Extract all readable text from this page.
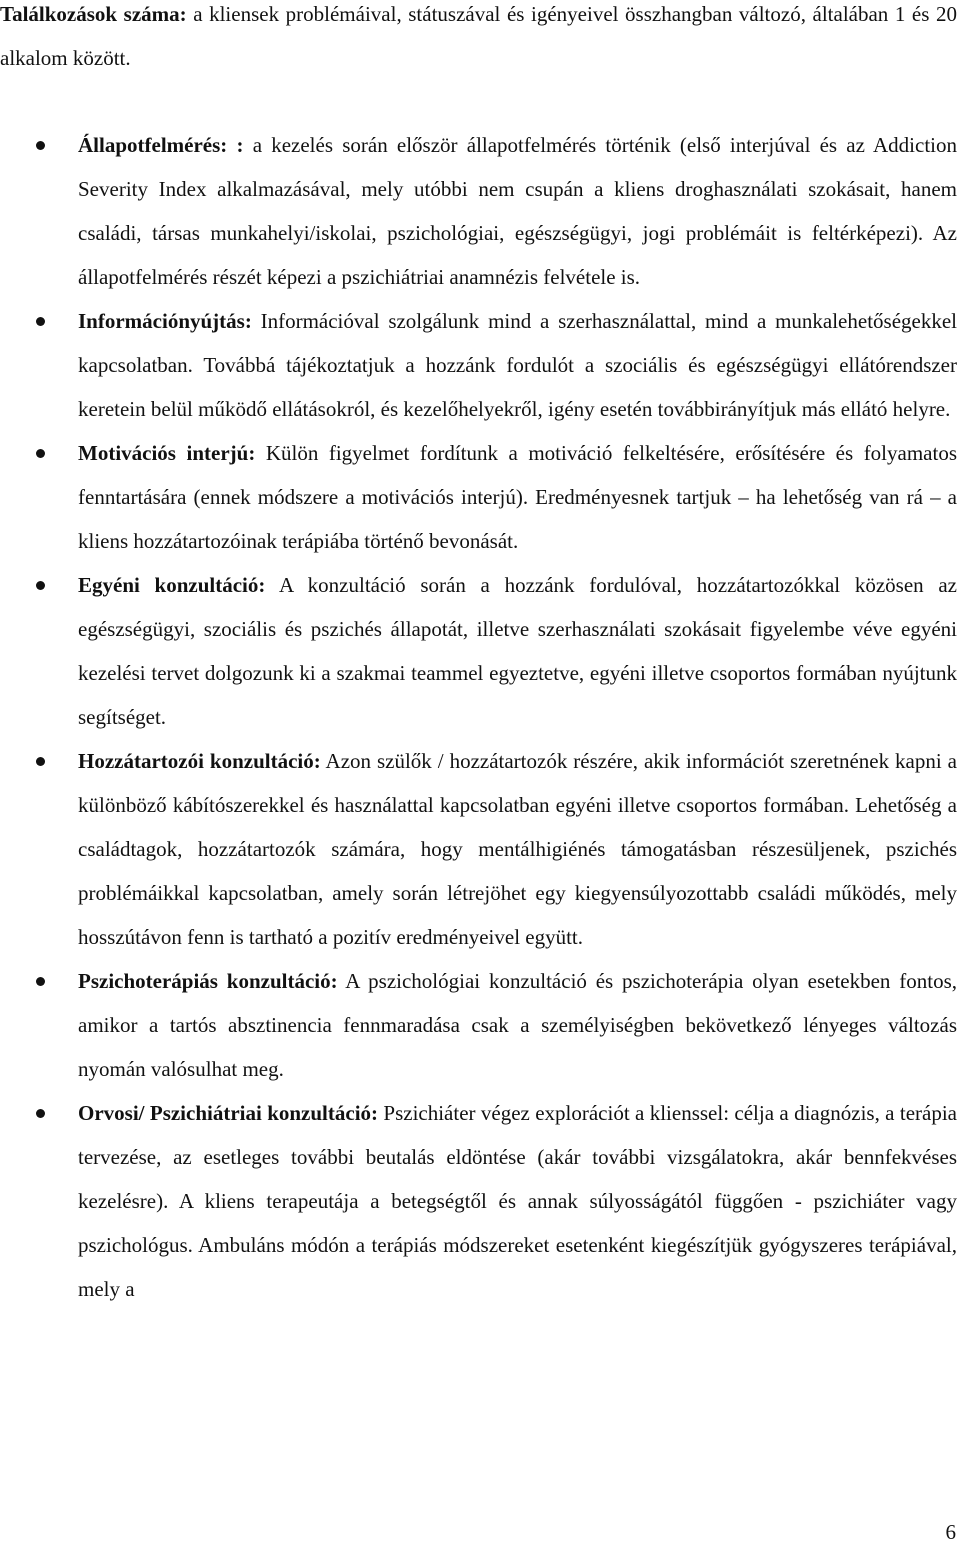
Találkozások száma: a kliensek problémáival, státuszával és igényeivel összhangban változó, általában 1 és 20 alkalom között.

Állapotfelmérés: : a kezelés során először állapotfelmérés történik (első interjúval és az Addiction Severity Index alkalmazásával, mely utóbbi nem csupán a kliens droghasználati szokásait, hanem családi, társas munkahelyi/iskolai, pszichológiai, egészségügyi, jogi problémáit is feltérképezi). Az állapotfelmérés részét képezi a pszichiátriai anamnézis felvétele is.
Információnyújtás: Információval szolgálunk mind a szerhasználattal, mind a munkalehetőségekkel kapcsolatban. Továbbá tájékoztatjuk a hozzánk fordulót a szociális és egészségügyi ellátórendszer keretein belül működő ellátásokról, és kezelőhelyekről, igény esetén továbbirányítjuk más ellátó helyre.
Motivációs interjú: Külön figyelmet fordítunk a motiváció felkeltésére, erősítésére és folyamatos fenntartására (ennek módszere a motivációs interjú). Eredményesnek tartjuk – ha lehetőség van rá – a kliens hozzátartozóinak terápiába történő bevonását.
Egyéni konzultáció: A konzultáció során a hozzánk fordulóval, hozzátartozókkal közösen az egészségügyi, szociális és pszichés állapotát, illetve szerhasználati szokásait figyelembe véve egyéni kezelési tervet dolgozunk ki a szakmai teammel egyeztetve, egyéni illetve csoportos formában nyújtunk segítséget.
Hozzátartozói konzultáció: Azon szülők / hozzátartozók részére, akik információt szeretnének kapni a különböző kábítószerekkel és használattal kapcsolatban egyéni illetve csoportos formában. Lehetőség a családtagok, hozzátartozók számára, hogy mentálhigiénés támogatásban részesüljenek, pszichés problémáikkal kapcsolatban, amely során létrejöhet egy kiegyensúlyozottabb családi működés, mely hosszútávon fenn is tartható a pozitív eredményeivel együtt.
Pszichoterápiás konzultáció: A pszichológiai konzultáció és pszichoterápia olyan esetekben fontos, amikor a tartós absztinencia fennmaradása csak a személyiségben bekövetkező lényeges változás nyomán valósulhat meg.
Orvosi/ Pszichiátriai konzultáció: Pszichiáter végez explorációt a klienssel: célja a diagnózis, a terápia tervezése, az esetleges további beutalás eldöntése (akár további vizsgálatokra, akár bennfekvéses kezelésre). A kliens terapeutája a betegségtől és annak súlyosságától függően - pszichiáter vagy pszichológus. Ambuláns módón a terápiás módszereket esetenként kiegészítjük gyógyszeres terápiával, mely a
6
